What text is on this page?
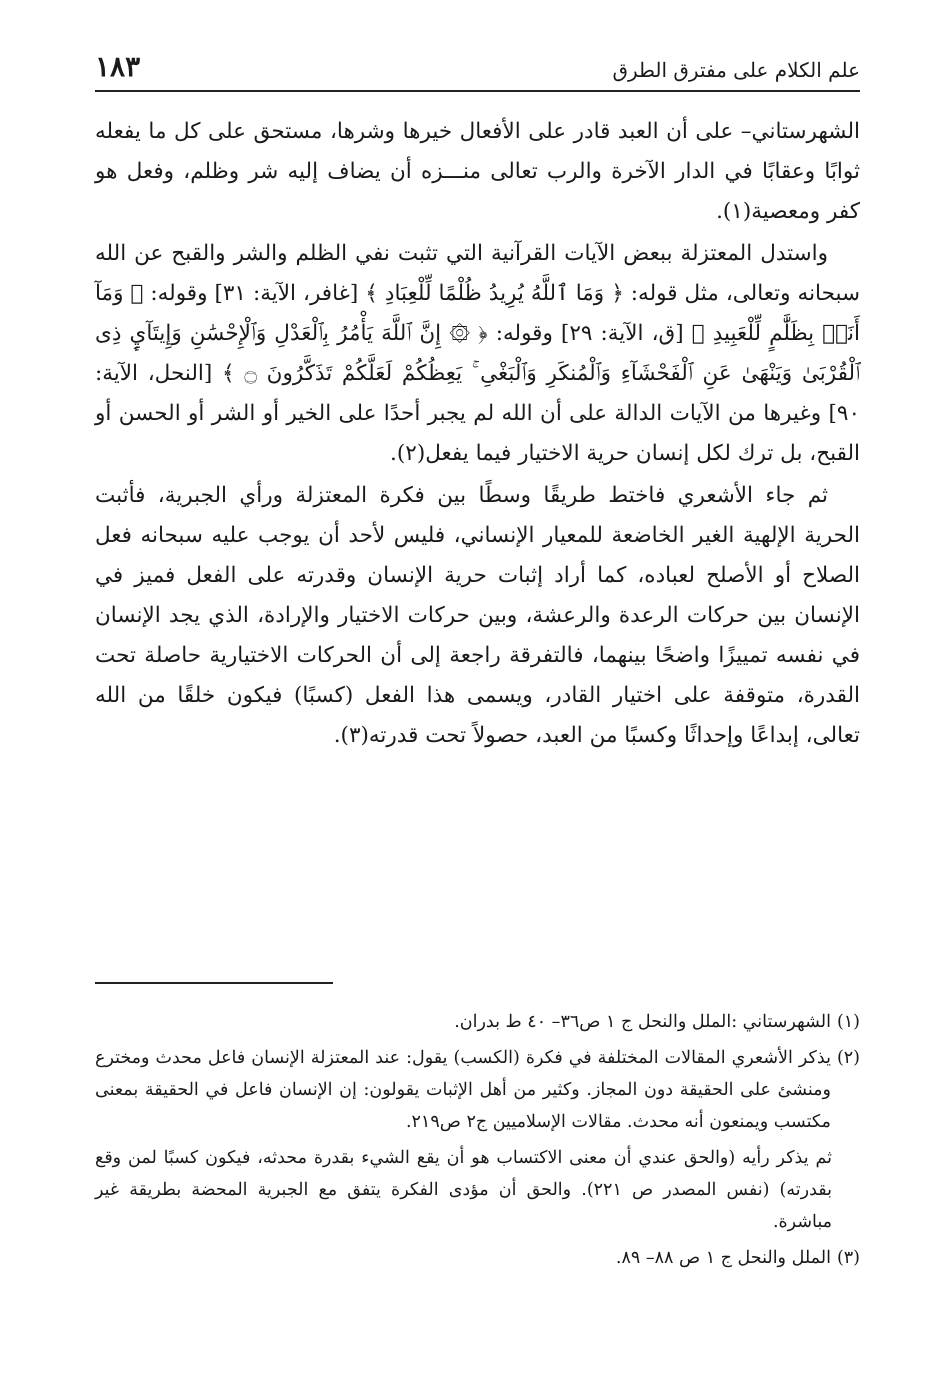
علم الكلام على مفترق الطرق
١٨٣

الشهرستاني– على أن العبد قادر على الأفعال خيرها وشرها، مستحق على كل ما يفعله ثوابًا وعقابًا في الدار الآخرة والرب تعالى منـــزه أن يضاف إليه شر وظلم، وفعل هو كفر ومعصية(١).

واستدل المعتزلة ببعض الآيات القرآنية التي تثبت نفي الظلم والشر والقبح عن الله سبحانه وتعالى، مثل قوله: ﴿ وَمَا ٱللَّهُ يُرِيدُ ظُلْمًا لِّلْعِبَادِ ﴾ [غافر، الآية: ٣١] وقوله: ﴿ وَمَآ أَنَا۠ بِظَلَّٰمٍ لِّلْعَبِيدِ ﴾ [ق، الآية: ٢٩] وقوله: ﴿ ۞ إِنَّ ٱللَّهَ يَأْمُرُ بِٱلْعَدْلِ وَٱلْإِحْسَٰنِ وَإِيتَآيِٕ ذِى ٱلْقُرْبَىٰ وَيَنْهَىٰ عَنِ ٱلْفَحْشَآءِ وَٱلْمُنكَرِ وَٱلْبَغْىِ ۚ يَعِظُكُمْ لَعَلَّكُمْ تَذَكَّرُونَ ۝ ﴾ [النحل، الآية: ٩٠] وغيرها من الآيات الدالة على أن الله لم يجبر أحدًا على الخير أو الشر أو الحسن أو القبح، بل ترك لكل إنسان حرية الاختيار فيما يفعل(٢).

ثم جاء الأشعري فاختط طريقًا وسطًا بين فكرة المعتزلة ورأي الجبرية، فأثبت الحرية الإلهية الغير الخاضعة للمعيار الإنساني، فليس لأحد أن يوجب عليه سبحانه فعل الصلاح أو الأصلح لعباده، كما أراد إثبات حرية الإنسان وقدرته على الفعل فميز في الإنسان بين حركات الرعدة والرعشة، وبين حركات الاختيار والإرادة، الذي يجد الإنسان في نفسه تمييزًا واضحًا بينهما، فالتفرقة راجعة إلى أن الحركات الاختيارية حاصلة تحت القدرة، متوقفة على اختيار القادر، ويسمى هذا الفعل (كسبًا) فيكون خلقًا من الله تعالى، إبداعًا وإحداثًا وكسبًا من العبد، حصولاً تحت قدرته(٣).

(١)
الشهرستاني :الملل والنحل ج ١ ص٣٦– ٤٠ ط بدران.
(٢)
يذكر الأشعري المقالات المختلفة في فكرة (الكسب) يقول: عند المعتزلة الإنسان فاعل محدث ومخترع ومنشئ على الحقيقة دون المجاز. وكثير من أهل الإثبات يقولون: إن الإنسان فاعل في الحقيقة بمعنى مكتسب ويمنعون أنه محدث. مقالات الإسلاميين ج٢ ص٢١٩.
ثم يذكر رأيه (والحق عندي أن معنى الاكتساب هو أن يقع الشيء بقدرة محدثه، فيكون كسبًا لمن وقع بقدرته) (نفس المصدر ص ٢٢١). والحق أن مؤدى الفكرة يتفق مع الجبرية المحضة بطريقة غير مباشرة.
(٣)
الملل والنحل ج ١ ص ٨٨– ٨٩.
